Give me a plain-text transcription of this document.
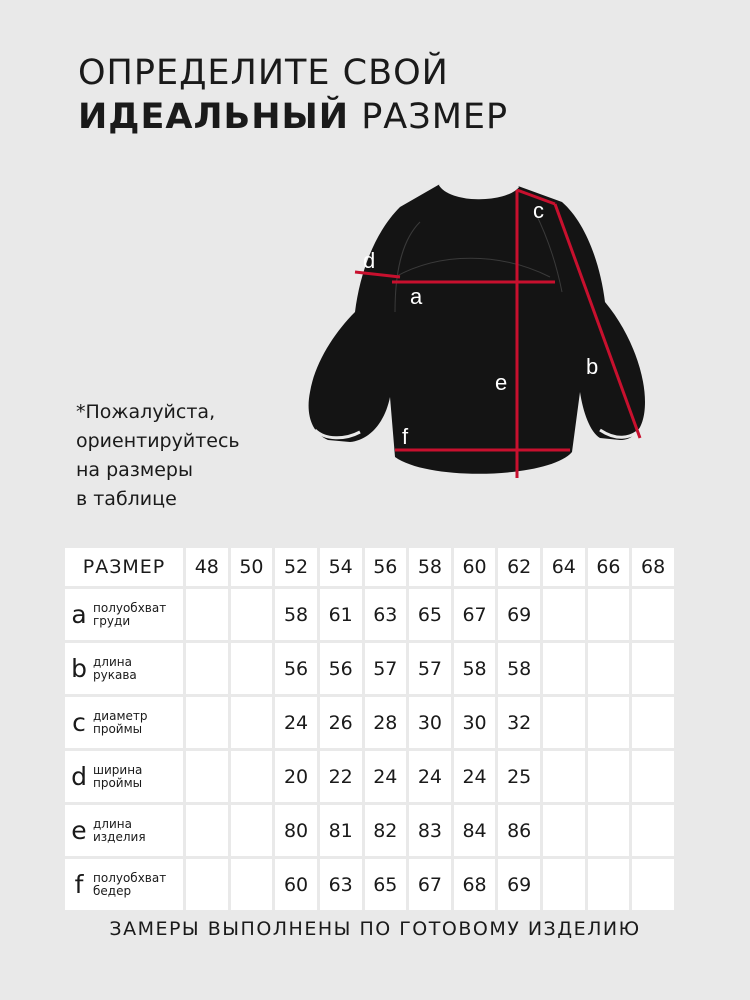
ОПРЕДЕЛИТЕ СВОЙ
ИДЕАЛЬНЫЙ РАЗМЕР
a
b
c
d
e
f
*Пожалуйста,
ориентируйтесь
на размеры
в таблице
РАЗМЕР	48	50	52	54	56	58	60	62	64	66	68

a полуобхват
груди			58	61	63	65	67	69			

b длина
рукава			56	56	57	57	58	58			

c диаметр
проймы			24	26	28	30	30	32			

d ширина
проймы			20	22	24	24	24	25			

e длина
изделия			80	81	82	83	84	86			

f полуобхват
бедер			60	63	65	67	68	69			
ЗАМЕРЫ ВЫПОЛНЕНЫ ПО ГОТОВОМУ ИЗДЕЛИЮ
